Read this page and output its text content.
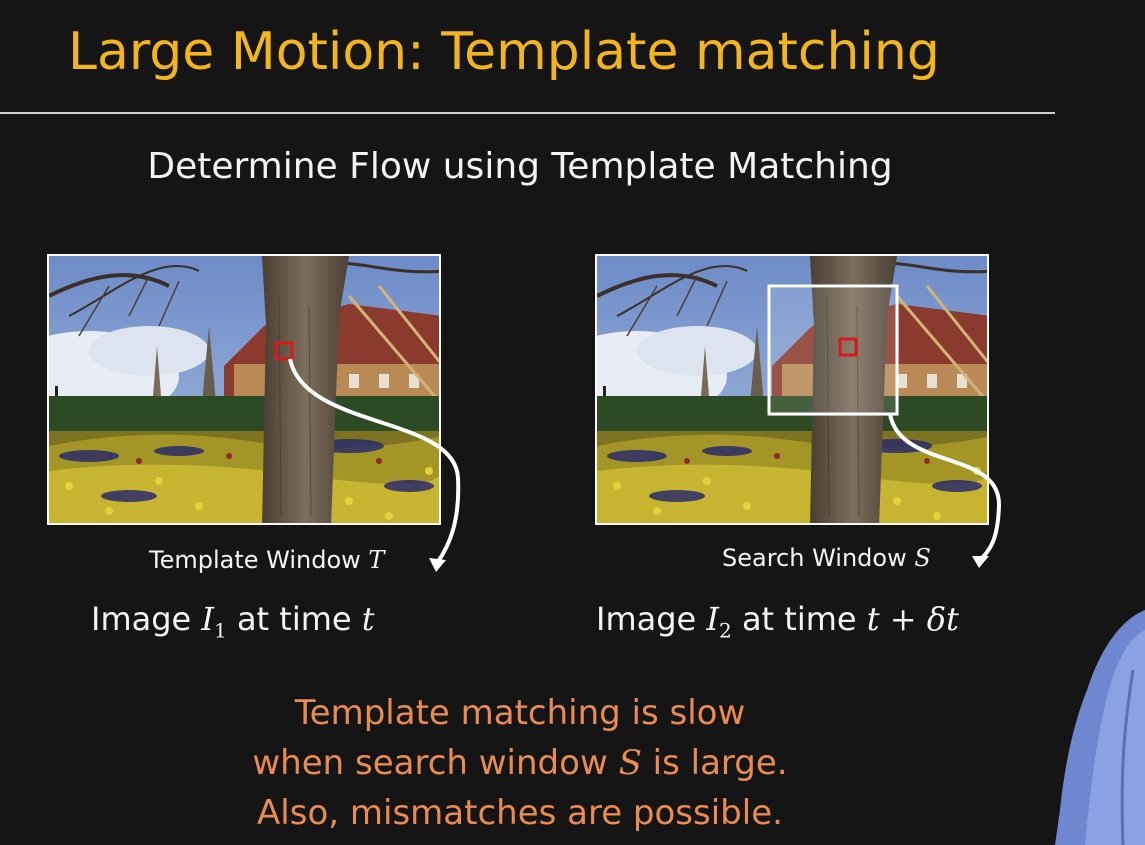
Large Motion: Template matching
Determine Flow using Template Matching
Template Window T	Search Window S
Image $I_1$ at time t	Image $I_2$ at time t + δt
Template matching is slow
when search window S is large.
Also, mismatches are possible.
